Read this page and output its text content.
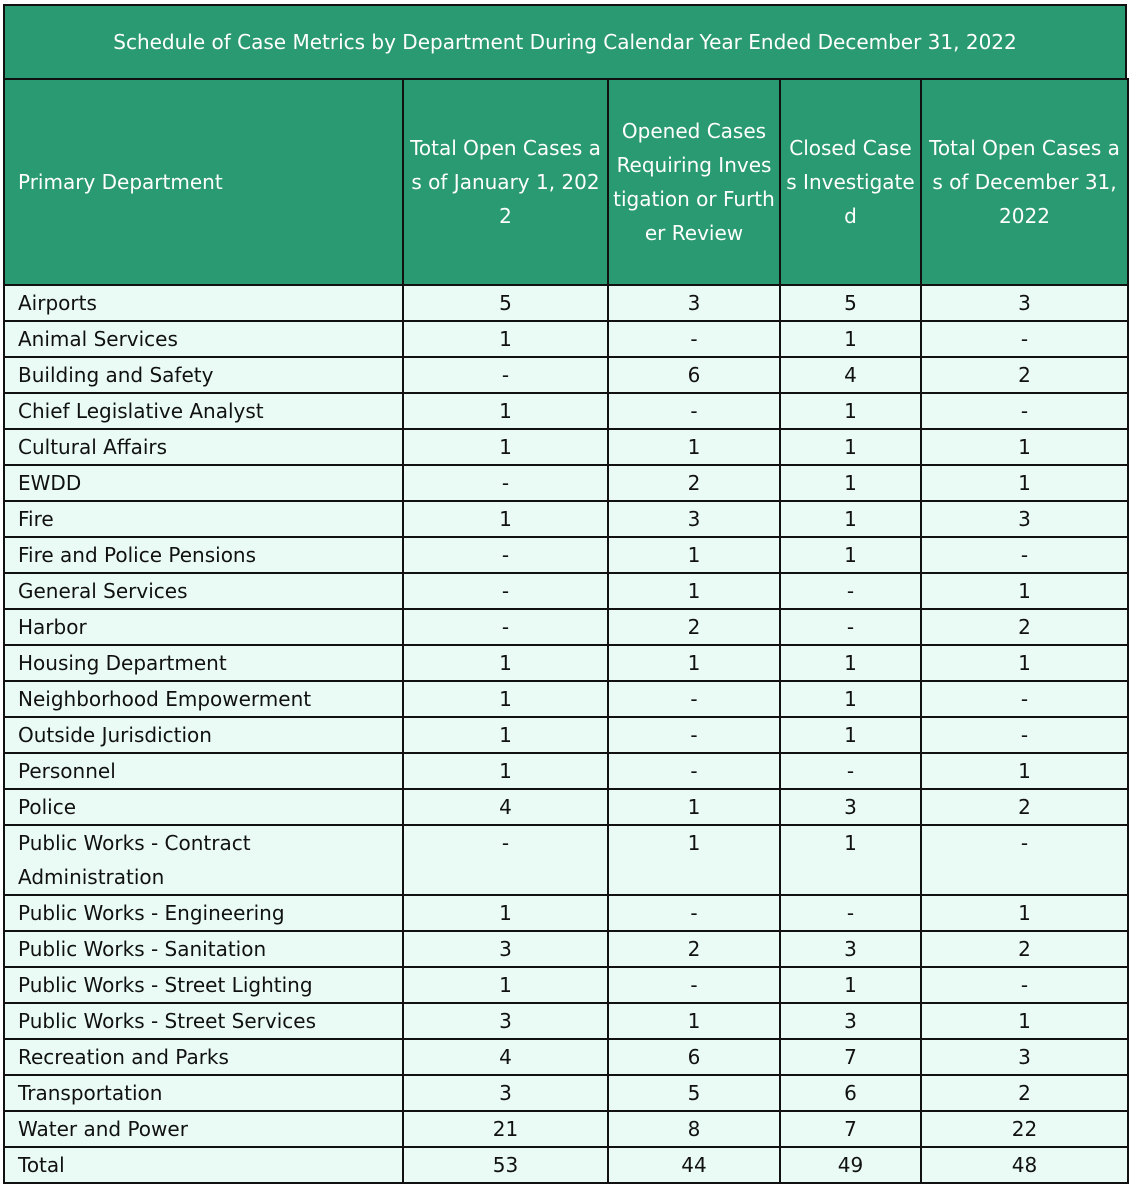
Schedule of Case Metrics by Department During Calendar Year Ended December 31, 2022
Primary Department	Total Open Cases as of January 1, 2022	Opened Cases Requiring Investigation or Further Review	Closed Cases Investigated	Total Open Cases as of December 31, 2022
Airports	5	3	5	3
Animal Services	1	-	1	-
Building and Safety	-	6	4	2
Chief Legislative Analyst	1	-	1	-
Cultural Affairs	1	1	1	1
EWDD	-	2	1	1
Fire	1	3	1	3
Fire and Police Pensions	-	1	1	-
General Services	-	1	-	1
Harbor	-	2	-	2
Housing Department	1	1	1	1
Neighborhood Empowerment	1	-	1	-
Outside Jurisdiction	1	-	1	-
Personnel	1	-	-	1
Police	4	1	3	2
Public Works - Contract Administration	-	1	1	-
Public Works - Engineering	1	-	-	1
Public Works - Sanitation	3	2	3	2
Public Works - Street Lighting	1	-	1	-
Public Works - Street Services	3	1	3	1
Recreation and Parks	4	6	7	3
Transportation	3	5	6	2
Water and Power	21	8	7	22
Total	53	44	49	48
